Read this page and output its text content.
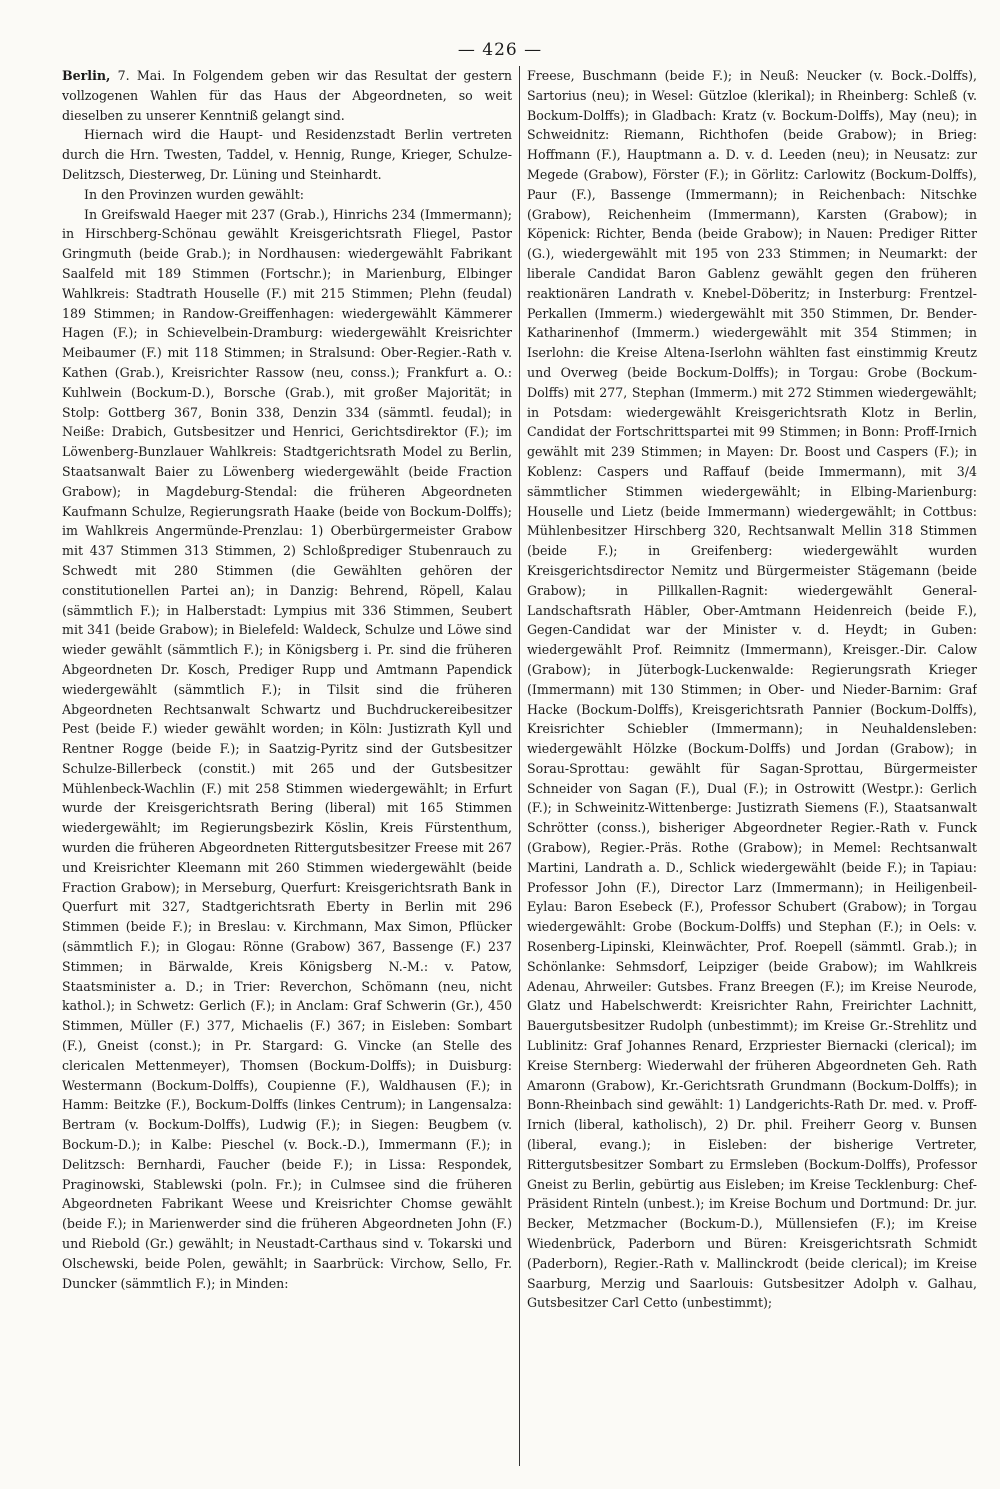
— 426 —

Berlin, 7. Mai. In Folgendem geben wir das Resultat der gestern vollzogenen Wahlen für das Haus der Abgeordneten, so weit dieselben zu unserer Kenntniß gelangt sind.

Hiernach wird die Haupt- und Residenzstadt Berlin vertreten durch die Hrn. Twesten, Taddel, v. Hennig, Runge, Krieger, Schulze-Delitzsch, Diesterweg, Dr. Lüning und Steinhardt.

In den Provinzen wurden gewählt:

In Greifswald Haeger mit 237 (Grab.), Hinrichs 234 (Immermann); in Hirschberg-Schönau gewählt Kreisgerichtsrath Fliegel, Pastor Gringmuth (beide Grab.); in Nordhausen: wiedergewählt Fabrikant Saalfeld mit 189 Stimmen (Fortschr.); in Marienburg, Elbinger Wahlkreis: Stadtrath Houselle (F.) mit 215 Stimmen; Plehn (feudal) 189 Stimmen; in Randow-Greiffenhagen: wiedergewählt Kämmerer Hagen (F.); in Schievelbein-Dramburg: wiedergewählt Kreisrichter Meibaumer (F.) mit 118 Stimmen; in Stralsund: Ober-Regier.-Rath v. Kathen (Grab.), Kreisrichter Rassow (neu, conss.); Frankfurt a. O.: Kuhlwein (Bockum-D.), Borsche (Grab.), mit großer Majorität; in Stolp: Gottberg 367, Bonin 338, Denzin 334 (sämmtl. feudal); in Neiße: Drabich, Gutsbesitzer und Henrici, Gerichtsdirektor (F.); im Löwenberg-Bunzlauer Wahlkreis: Stadtgerichtsrath Model zu Berlin, Staatsanwalt Baier zu Löwenberg wiedergewählt (beide Fraction Grabow); in Magdeburg-Stendal: die früheren Abgeordneten Kaufmann Schulze, Regierungsrath Haake (beide von Bockum-Dolffs); im Wahlkreis Angermünde-Prenzlau: 1) Oberbürgermeister Grabow mit 437 Stimmen 313 Stimmen, 2) Schloßprediger Stubenrauch zu Schwedt mit 280 Stimmen (die Gewählten gehören der constitutionellen Partei an); in Danzig: Behrend, Röpell, Kalau (sämmtlich F.); in Halberstadt: Lympius mit 336 Stimmen, Seubert mit 341 (beide Grabow); in Bielefeld: Waldeck, Schulze und Löwe sind wieder gewählt (sämmtlich F.); in Königsberg i. Pr. sind die früheren Abgeordneten Dr. Kosch, Prediger Rupp und Amtmann Papendick wiedergewählt (sämmtlich F.); in Tilsit sind die früheren Abgeordneten Rechtsanwalt Schwartz und Buchdruckereibesitzer Pest (beide F.) wieder gewählt worden; in Köln: Justizrath Kyll und Rentner Rogge (beide F.); in Saatzig-Pyritz sind der Gutsbesitzer Schulze-Billerbeck (constit.) mit 265 und der Gutsbesitzer Mühlenbeck-Wachlin (F.) mit 258 Stimmen wiedergewählt; in Erfurt wurde der Kreisgerichtsrath Bering (liberal) mit 165 Stimmen wiedergewählt; im Regierungsbezirk Köslin, Kreis Fürstenthum, wurden die früheren Abgeordneten Rittergutsbesitzer Freese mit 267 und Kreisrichter Kleemann mit 260 Stimmen wiedergewählt (beide Fraction Grabow); in Merseburg, Querfurt: Kreisgerichtsrath Bank in Querfurt mit 327, Stadtgerichtsrath Eberty in Berlin mit 296 Stimmen (beide F.); in Breslau: v. Kirchmann, Max Simon, Pflücker (sämmtlich F.); in Glogau: Rönne (Grabow) 367, Bassenge (F.) 237 Stimmen; in Bärwalde, Kreis Königsberg N.-M.: v. Patow, Staatsminister a. D.; in Trier: Reverchon, Schömann (neu, nicht kathol.); in Schwetz: Gerlich (F.); in Anclam: Graf Schwerin (Gr.), 450 Stimmen, Müller (F.) 377, Michaelis (F.) 367; in Eisleben: Sombart (F.), Gneist (const.); in Pr. Stargard: G. Vincke (an Stelle des clericalen Mettenmeyer), Thomsen (Bockum-Dolffs); in Duisburg: Westermann (Bockum-Dolffs), Coupienne (F.), Waldhausen (F.); in Hamm: Beitzke (F.), Bockum-Dolffs (linkes Centrum); in Langensalza: Bertram (v. Bockum-Dolffs), Ludwig (F.); in Siegen: Beugbem (v. Bockum-D.); in Kalbe: Pieschel (v. Bock.-D.), Immermann (F.); in Delitzsch: Bernhardi, Faucher (beide F.); in Lissa: Respondek, Praginowski, Stablewski (poln. Fr.); in Culmsee sind die früheren Abgeordneten Fabrikant Weese und Kreisrichter Chomse gewählt (beide F.); in Marienwerder sind die früheren Abgeordneten John (F.) und Riebold (Gr.) gewählt; in Neustadt-Carthaus sind v. Tokarski und Olschewski, beide Polen, gewählt; in Saarbrück: Virchow, Sello, Fr. Duncker (sämmtlich F.); in Minden:

Freese, Buschmann (beide F.); in Neuß: Neucker (v. Bock.-Dolffs), Sartorius (neu); in Wesel: Gützloe (klerikal); in Rheinberg: Schleß (v. Bockum-Dolffs); in Gladbach: Kratz (v. Bockum-Dolffs), May (neu); in Schweidnitz: Riemann, Richthofen (beide Grabow); in Brieg: Hoffmann (F.), Hauptmann a. D. v. d. Leeden (neu); in Neusatz: zur Megede (Grabow), Förster (F.); in Görlitz: Carlowitz (Bockum-Dolffs), Paur (F.), Bassenge (Immermann); in Reichenbach: Nitschke (Grabow), Reichenheim (Immermann), Karsten (Grabow); in Köpenick: Richter, Benda (beide Grabow); in Nauen: Prediger Ritter (G.), wiedergewählt mit 195 von 233 Stimmen; in Neumarkt: der liberale Candidat Baron Gablenz gewählt gegen den früheren reaktionären Landrath v. Knebel-Döberitz; in Insterburg: Frentzel-Perkallen (Immerm.) wiedergewählt mit 350 Stimmen, Dr. Bender-Katharinenhof (Immerm.) wiedergewählt mit 354 Stimmen; in Iserlohn: die Kreise Altena-Iserlohn wählten fast einstimmig Kreutz und Overweg (beide Bockum-Dolffs); in Torgau: Grobe (Bockum-Dolffs) mit 277, Stephan (Immerm.) mit 272 Stimmen wiedergewählt; in Potsdam: wiedergewählt Kreisgerichtsrath Klotz in Berlin, Candidat der Fortschrittspartei mit 99 Stimmen; in Bonn: Proff-Irnich gewählt mit 239 Stimmen; in Mayen: Dr. Boost und Caspers (F.); in Koblenz: Caspers und Raffauf (beide Immermann), mit 3/4 sämmtlicher Stimmen wiedergewählt; in Elbing-Marienburg: Houselle und Lietz (beide Immermann) wiedergewählt; in Cottbus: Mühlenbesitzer Hirschberg 320, Rechtsanwalt Mellin 318 Stimmen (beide F.); in Greifenberg: wiedergewählt wurden Kreisgerichtsdirector Nemitz und Bürgermeister Stägemann (beide Grabow); in Pillkallen-Ragnit: wiedergewählt General-Landschaftsrath Häbler, Ober-Amtmann Heidenreich (beide F.), Gegen-Candidat war der Minister v. d. Heydt; in Guben: wiedergewählt Prof. Reimnitz (Immermann), Kreisger.-Dir. Calow (Grabow); in Jüterbogk-Luckenwalde: Regierungsrath Krieger (Immermann) mit 130 Stimmen; in Ober- und Nieder-Barnim: Graf Hacke (Bockum-Dolffs), Kreisgerichtsrath Pannier (Bockum-Dolffs), Kreisrichter Schiebler (Immermann); in Neuhaldensleben: wiedergewählt Hölzke (Bockum-Dolffs) und Jordan (Grabow); in Sorau-Sprottau: gewählt für Sagan-Sprottau, Bürgermeister Schneider von Sagan (F.), Dual (F.); in Ostrowitt (Westpr.): Gerlich (F.); in Schweinitz-Wittenberge: Justizrath Siemens (F.), Staatsanwalt Schrötter (conss.), bisheriger Abgeordneter Regier.-Rath v. Funck (Grabow), Regier.-Präs. Rothe (Grabow); in Memel: Rechtsanwalt Martini, Landrath a. D., Schlick wiedergewählt (beide F.); in Tapiau: Professor John (F.), Director Larz (Immermann); in Heiligenbeil-Eylau: Baron Esebeck (F.), Professor Schubert (Grabow); in Torgau wiedergewählt: Grobe (Bockum-Dolffs) und Stephan (F.); in Oels: v. Rosenberg-Lipinski, Kleinwächter, Prof. Roepell (sämmtl. Grab.); in Schönlanke: Sehmsdorf, Leipziger (beide Grabow); im Wahlkreis Adenau, Ahrweiler: Gutsbes. Franz Breegen (F.); im Kreise Neurode, Glatz und Habelschwerdt: Kreisrichter Rahn, Freirichter Lachnitt, Bauergutsbesitzer Rudolph (unbestimmt); im Kreise Gr.-Strehlitz und Lublinitz: Graf Johannes Renard, Erzpriester Biernacki (clerical); im Kreise Sternberg: Wiederwahl der früheren Abgeordneten Geh. Rath Amaronn (Grabow), Kr.-Gerichtsrath Grundmann (Bockum-Dolffs); in Bonn-Rheinbach sind gewählt: 1) Landgerichts-Rath Dr. med. v. Proff-Irnich (liberal, katholisch), 2) Dr. phil. Freiherr Georg v. Bunsen (liberal, evang.); in Eisleben: der bisherige Vertreter, Rittergutsbesitzer Sombart zu Ermsleben (Bockum-Dolffs), Professor Gneist zu Berlin, gebürtig aus Eisleben; im Kreise Tecklenburg: Chef-Präsident Rinteln (unbest.); im Kreise Bochum und Dortmund: Dr. jur. Becker, Metzmacher (Bockum-D.), Müllensiefen (F.); im Kreise Wiedenbrück, Paderborn und Büren: Kreisgerichtsrath Schmidt (Paderborn), Regier.-Rath v. Mallinckrodt (beide clerical); im Kreise Saarburg, Merzig und Saarlouis: Gutsbesitzer Adolph v. Galhau, Gutsbesitzer Carl Cetto (unbestimmt);
